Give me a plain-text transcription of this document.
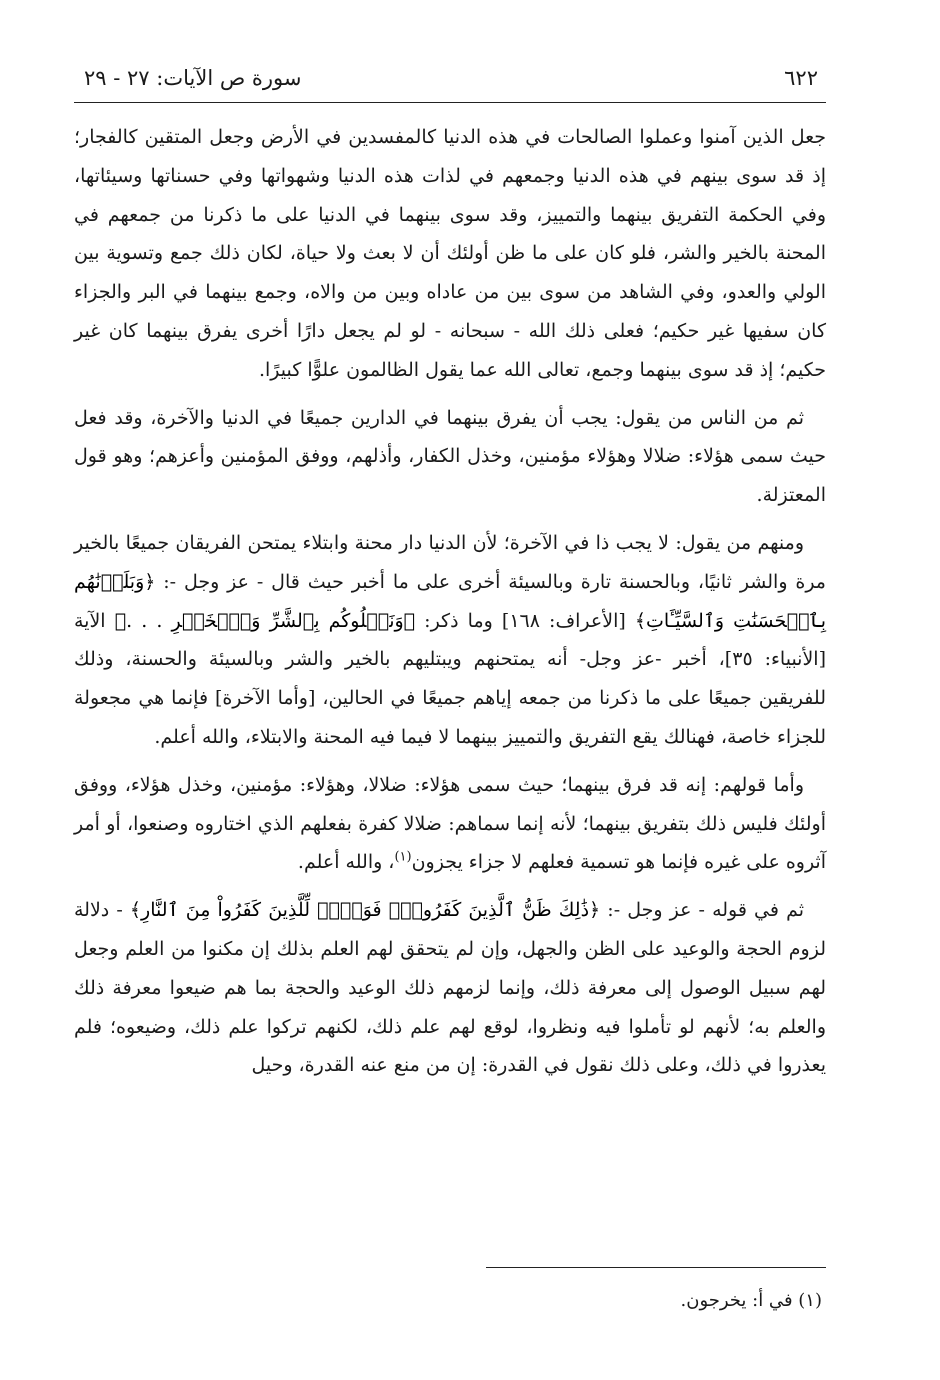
٦٢٢
سورة ص الآيات: ٢٧ - ٢٩

جعل الذين آمنوا وعملوا الصالحات في هذه الدنيا كالمفسدين في الأرض وجعل المتقين كالفجار؛ إذ قد سوى بينهم في هذه الدنيا وجمعهم في لذات هذه الدنيا وشهواتها وفي حسناتها وسيئاتها، وفي الحكمة التفريق بينهما والتمييز، وقد سوى بينهما في الدنيا على ما ذكرنا من جمعهم في المحنة بالخير والشر، فلو كان على ما ظن أولئك أن لا بعث ولا حياة، لكان ذلك جمع وتسوية بين الولي والعدو، وفي الشاهد من سوى بين من عاداه وبين من والاه، وجمع بينهما في البر والجزاء كان سفيها غير حكيم؛ فعلى ذلك الله - سبحانه - لو لم يجعل دارًا أخرى يفرق بينهما كان غير حكيم؛ إذ قد سوى بينهما وجمع، تعالى الله عما يقول الظالمون علوًّا كبيرًا.

ثم من الناس من يقول: يجب أن يفرق بينهما في الدارين جميعًا في الدنيا والآخرة، وقد فعل حيث سمى هؤلاء: ضلالا وهؤلاء مؤمنين، وخذل الكفار، وأذلهم، ووفق المؤمنين وأعزهم؛ وهو قول المعتزلة.

ومنهم من يقول: لا يجب ذا في الآخرة؛ لأن الدنيا دار محنة وابتلاء يمتحن الفريقان جميعًا بالخير مرة والشر ثانيًا، وبالحسنة تارة وبالسيئة أخرى على ما أخبر حيث قال - عز وجل -: ﴿وَبَلَوۡنَٰهُم بِٱلۡحَسَنَٰتِ وَٱلسَّيِّـَٔاتِ﴾ [الأعراف: ١٦٨] وما ذكر: ﴿وَنَبۡلُوكُم بِٱلشَّرِّ وَٱلۡخَيۡرِ . . .﴾ الآية [الأنبياء: ٣٥]، أخبر -عز وجل- أنه يمتحنهم ويبتليهم بالخير والشر وبالسيئة والحسنة، وذلك للفريقين جميعًا على ما ذكرنا من جمعه إياهم جميعًا في الحالين، [وأما الآخرة] فإنما هي مجعولة للجزاء خاصة، فهنالك يقع التفريق والتمييز بينهما لا فيما فيه المحنة والابتلاء، والله أعلم.

وأما قولهم: إنه قد فرق بينهما؛ حيث سمى هؤلاء: ضلالا، وهؤلاء: مؤمنين، وخذل هؤلاء، ووفق أولئك فليس ذلك بتفريق بينهما؛ لأنه إنما سماهم: ضلالا كفرة بفعلهم الذي اختاروه وصنعوا، أو أمر آثروه على غيره فإنما هو تسمية فعلهم لا جزاء يجزون$^{(١)}$، والله أعلم.

ثم في قوله - عز وجل -: ﴿ذَٰلِكَ ظَنُّ ٱلَّذِينَ كَفَرُواْۚ فَوَيۡلٞ لِّلَّذِينَ كَفَرُواْ مِنَ ٱلنَّارِ﴾ - دلالة لزوم الحجة والوعيد على الظن والجهل، وإن لم يتحقق لهم العلم بذلك إن مكنوا من العلم وجعل لهم سبيل الوصول إلى معرفة ذلك، وإنما لزمهم ذلك الوعيد والحجة بما هم ضيعوا معرفة ذلك والعلم به؛ لأنهم لو تأملوا فيه ونظروا، لوقع لهم علم ذلك، لكنهم تركوا علم ذلك، وضيعوه؛ فلم يعذروا في ذلك، وعلى ذلك نقول في القدرة: إن من منع عنه القدرة، وحيل

(١) في أ: يخرجون.
